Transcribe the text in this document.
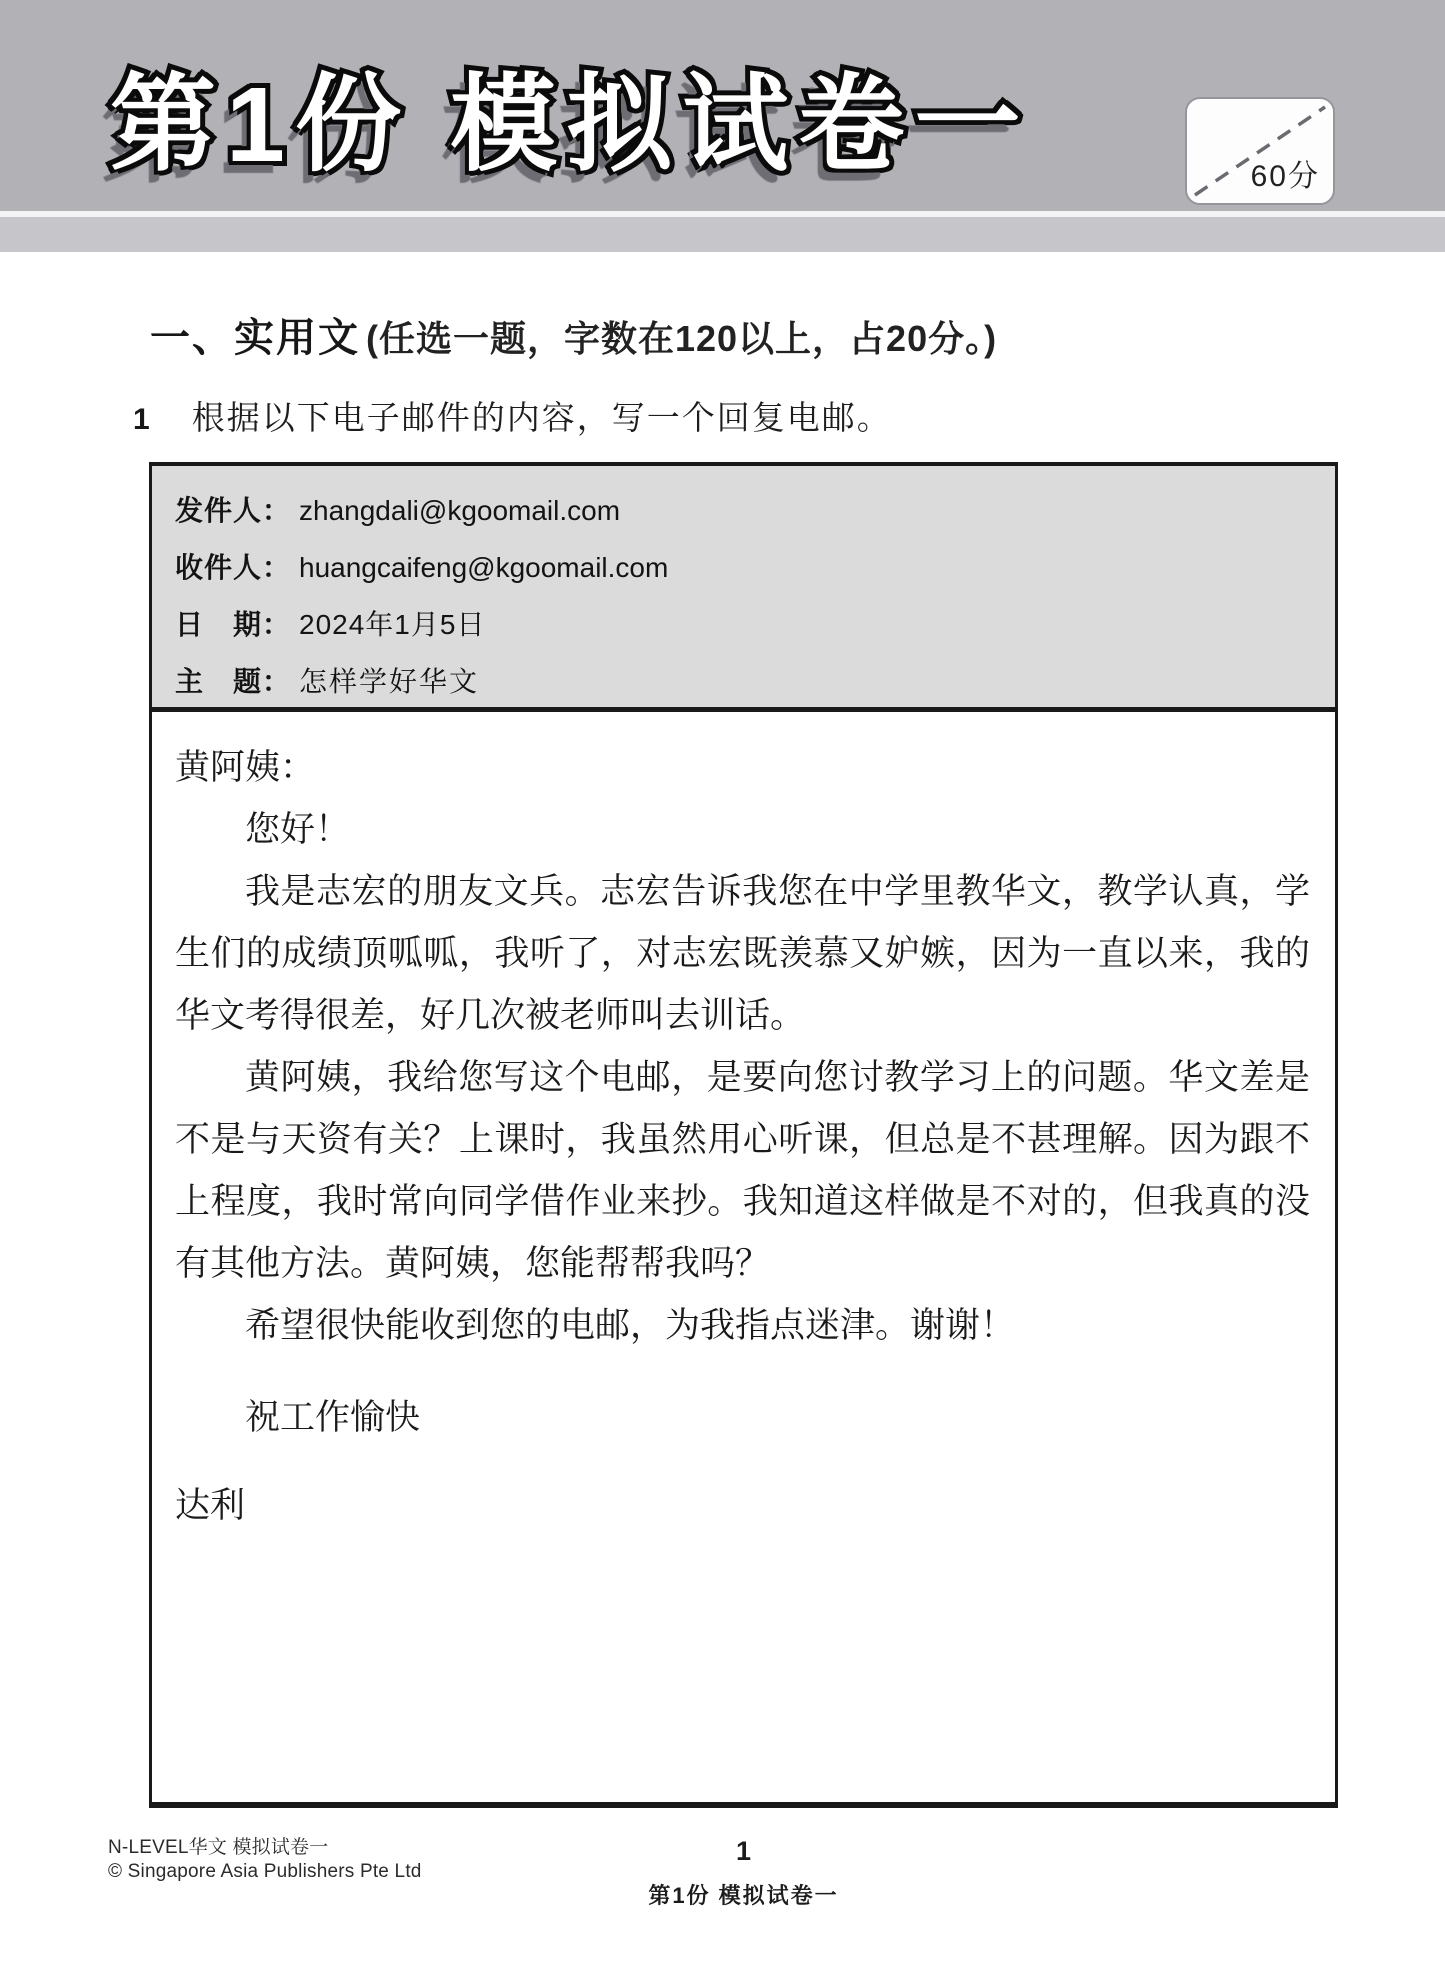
第1份 模拟试卷一	60分
一、实用文 (任选一题，字数在120以上，占20分。)
1 根据以下电子邮件的内容，写一个回复电邮。
发件人： zhangdali@kgoomail.com
收件人： huangcaifeng@kgoomail.com
日　期： 2024年1月5日
主　题： 怎样学好华文

黄阿姨：

您好！

我是志宏的朋友文兵。志宏告诉我您在中学里教华文，教学认真，学生们的成绩顶呱呱，我听了，对志宏既羡慕又妒嫉，因为一直以来，我的华文考得很差，好几次被老师叫去训话。

黄阿姨，我给您写这个电邮，是要向您讨教学习上的问题。华文差是不是与天资有关？上课时，我虽然用心听课，但总是不甚理解。因为跟不上程度，我时常向同学借作业来抄。我知道这样做是不对的，但我真的没有其他方法。黄阿姨，您能帮帮我吗？

希望很快能收到您的电邮，为我指点迷津。谢谢！

祝工作愉快

达利

N-LEVEL华文 模拟试卷一
© Singapore Asia Publishers Pte Ltd
1
第1份 模拟试卷一
